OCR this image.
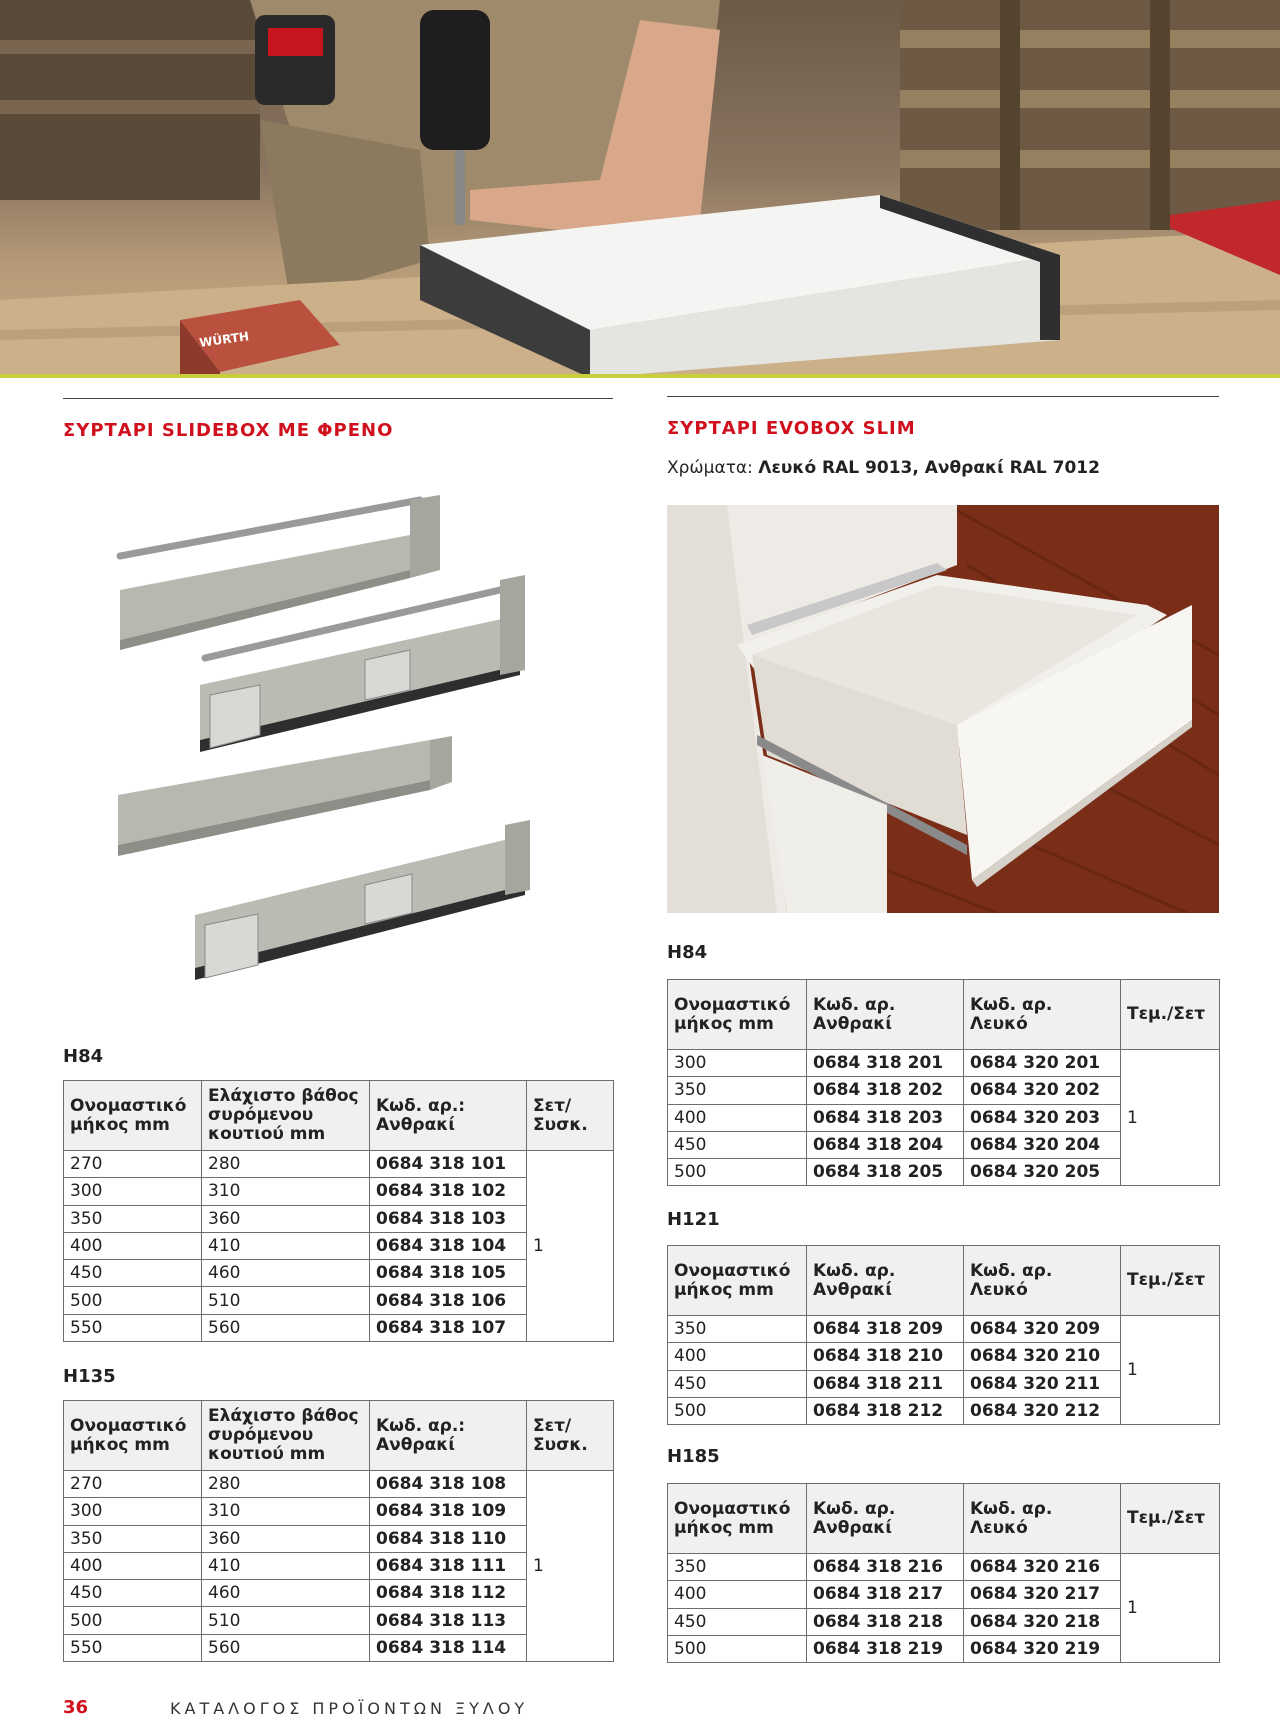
WÜRTH
ΣΥΡΤΑΡΙ SLIDEBOX ΜΕ ΦΡΕΝΟ
H84
Ονομαστικό μήκος mm	Ελάχιστο βάθος συρόμενου κουτιού mm	Κωδ. αρ.: Ανθρακί	Σετ/ Συσκ.
270	280	0684 318 101	1
300	310	0684 318 102	
350	360	0684 318 103	
400	410	0684 318 104	
450	460	0684 318 105	
500	510	0684 318 106	
550	560	0684 318 107	
H135
Ονομαστικό μήκος mm	Ελάχιστο βάθος συρόμενου κουτιού mm	Κωδ. αρ.: Ανθρακί	Σετ/ Συσκ.
270	280	0684 318 108	1
300	310	0684 318 109	
350	360	0684 318 110	
400	410	0684 318 111	
450	460	0684 318 112	
500	510	0684 318 113	
550	560	0684 318 114	
ΣΥΡΤΑΡΙ EVOBOX SLIM
Χρώματα: Λευκό RAL 9013, Ανθρακί RAL 7012
H84
Ονομαστικό μήκος mm	Κωδ. αρ. Ανθρακί	Κωδ. αρ. Λευκό	Τεμ./Σετ
300	0684 318 201	0684 320 201	1
350	0684 318 202	0684 320 202	
400	0684 318 203	0684 320 203	
450	0684 318 204	0684 320 204	
500	0684 318 205	0684 320 205	
H121
Ονομαστικό μήκος mm	Κωδ. αρ. Ανθρακί	Κωδ. αρ. Λευκό	Τεμ./Σετ
350	0684 318 209	0684 320 209	1
400	0684 318 210	0684 320 210	
450	0684 318 211	0684 320 211	
500	0684 318 212	0684 320 212	
H185
Ονομαστικό μήκος mm	Κωδ. αρ. Ανθρακί	Κωδ. αρ. Λευκό	Τεμ./Σετ
350	0684 318 216	0684 320 216	1
400	0684 318 217	0684 320 217	
450	0684 318 218	0684 320 218	
500	0684 318 219	0684 320 219	
36	ΚΑΤΑΛΟΓΟΣ ΠΡΟΪΟΝΤΩΝ ΞΥΛΟΥ
